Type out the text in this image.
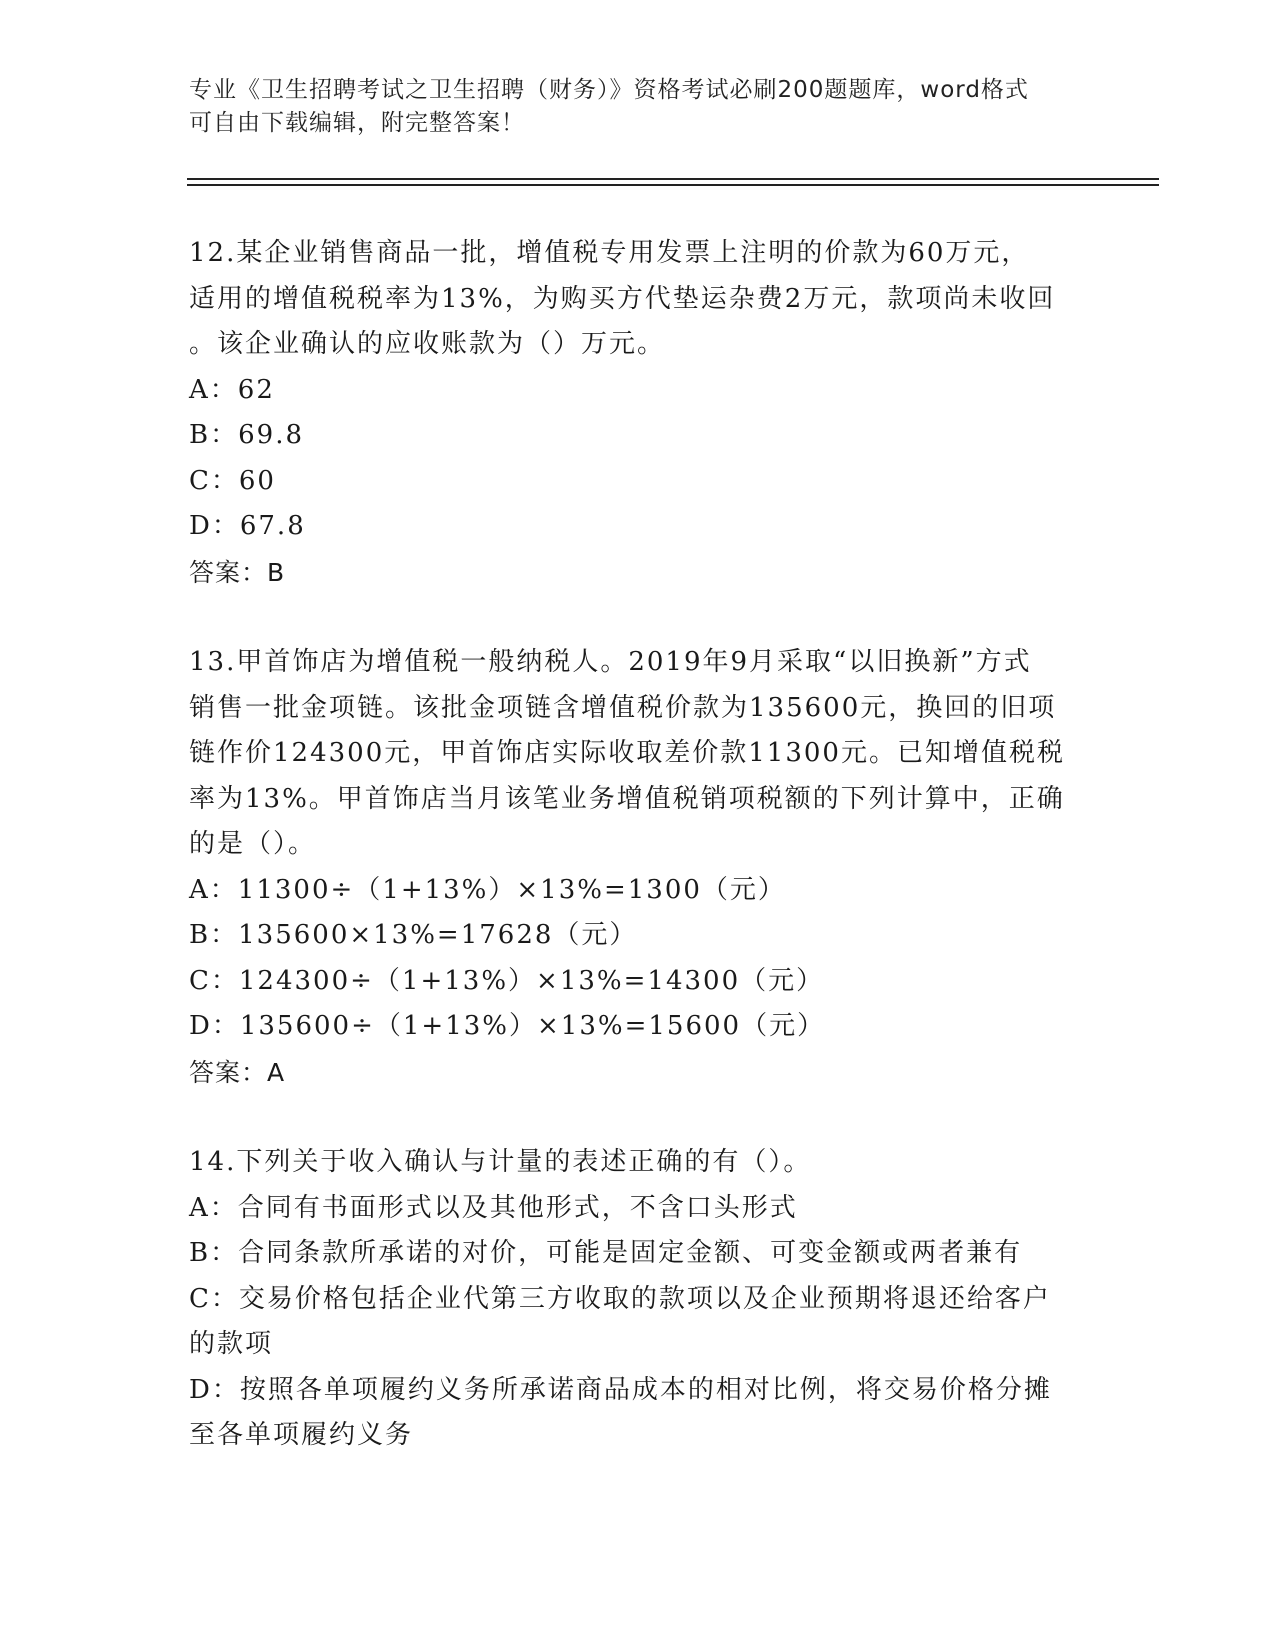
专业《卫生招聘考试之卫生招聘（财务）》资格考试必刷200题题库，word格式
可自由下载编辑，附完整答案！
12.某企业销售商品一批，增值税专用发票上注明的价款为60万元，
适用的增值税税率为13%，为购买方代垫运杂费2万元，款项尚未收回
。该企业确认的应收账款为（）万元。
A：62
B：69.8
C：60
D：67.8
答案：B
13.甲首饰店为增值税一般纳税人。2019年9月采取“以旧换新”方式
销售一批金项链。该批金项链含增值税价款为135600元，换回的旧项
链作价124300元，甲首饰店实际收取差价款11300元。已知增值税税
率为13%。甲首饰店当月该笔业务增值税销项税额的下列计算中，正确
的是（）。
A：11300÷（1+13%）×13%=1300（元）
B：135600×13%=17628（元）
C：124300÷（1+13%）×13%=14300（元）
D：135600÷（1+13%）×13%=15600（元）
答案：A
14.下列关于收入确认与计量的表述正确的有（）。
A：合同有书面形式以及其他形式，不含口头形式
B：合同条款所承诺的对价，可能是固定金额、可变金额或两者兼有
C：交易价格包括企业代第三方收取的款项以及企业预期将退还给客户
的款项
D：按照各单项履约义务所承诺商品成本的相对比例，将交易价格分摊
至各单项履约义务
